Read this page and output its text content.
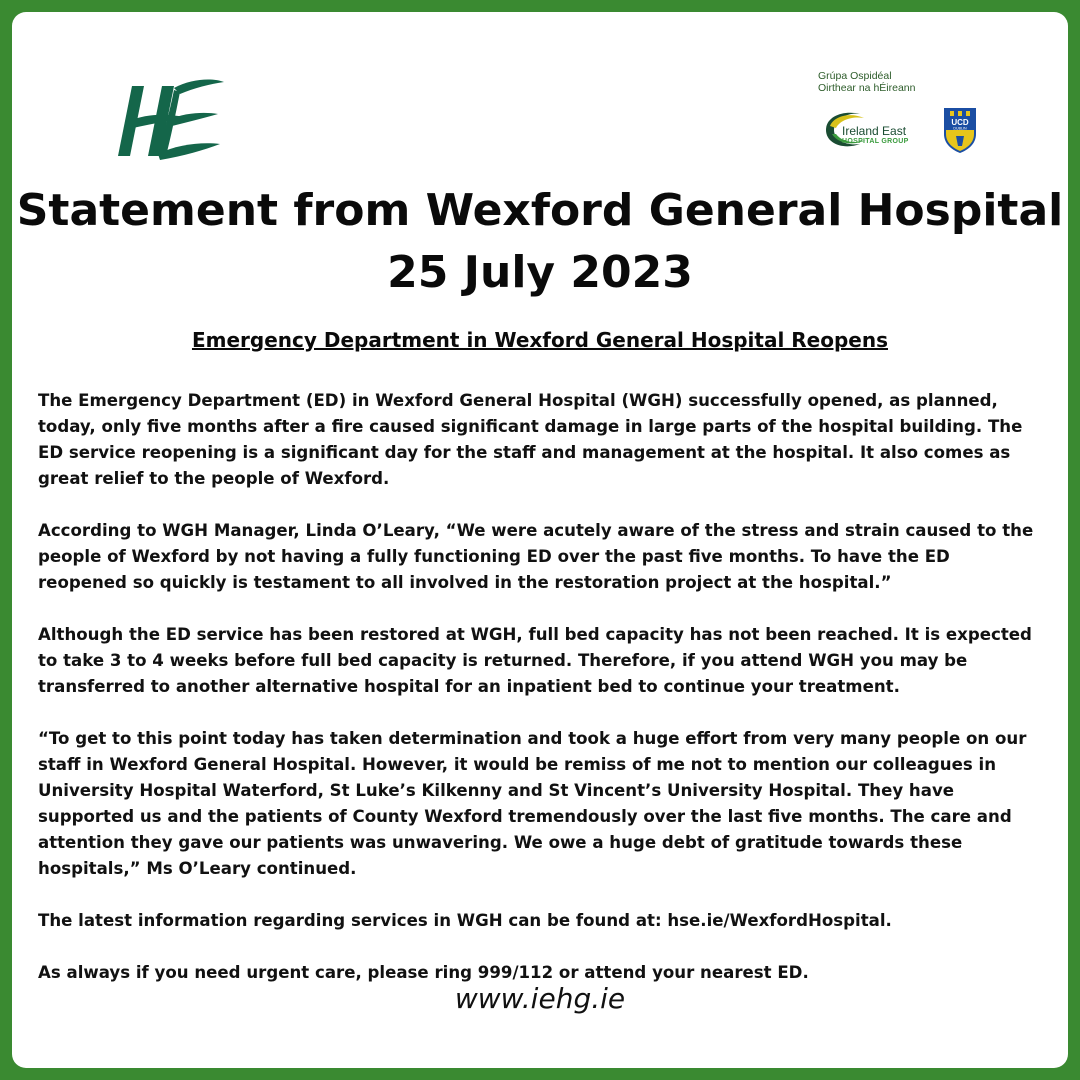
Grúpa Ospidéal
Oirthear na hÉireann
Ireland East
HOSPITAL GROUP
UCD
DUBLIN
Statement from Wexford General Hospital
25 July 2023
Emergency Department in Wexford General Hospital Reopens

The Emergency Department (ED) in Wexford General Hospital (WGH) successfully opened, as planned, today, only five months after a fire caused significant damage in large parts of the hospital building. The ED service reopening is a significant day for the staff and management at the hospital. It also comes as great relief to the people of Wexford.

According to WGH Manager, Linda O’Leary, “We were acutely aware of the stress and strain caused to the people of Wexford by not having a fully functioning ED over the past five months. To have the ED reopened so quickly is testament to all involved in the restoration project at the hospital.”

Although the ED service has been restored at WGH, full bed capacity has not been reached. It is expected to take 3 to 4 weeks before full bed capacity is returned. Therefore, if you attend WGH you may be transferred to another alternative hospital for an inpatient bed to continue your treatment.

“To get to this point today has taken determination and took a huge effort from very many people on our staff in Wexford General Hospital. However, it would be remiss of me not to mention our colleagues in University Hospital Waterford, St Luke’s Kilkenny and St Vincent’s University Hospital. They have supported us and the patients of County Wexford tremendously over the last five months. The care and attention they gave our patients was unwavering. We owe a huge debt of gratitude towards these hospitals,” Ms O’Leary continued.

The latest information regarding services in WGH can be found at: hse.ie/WexfordHospital.

As always if you need urgent care, please ring 999/112 or attend your nearest ED.

www.iehg.ie
